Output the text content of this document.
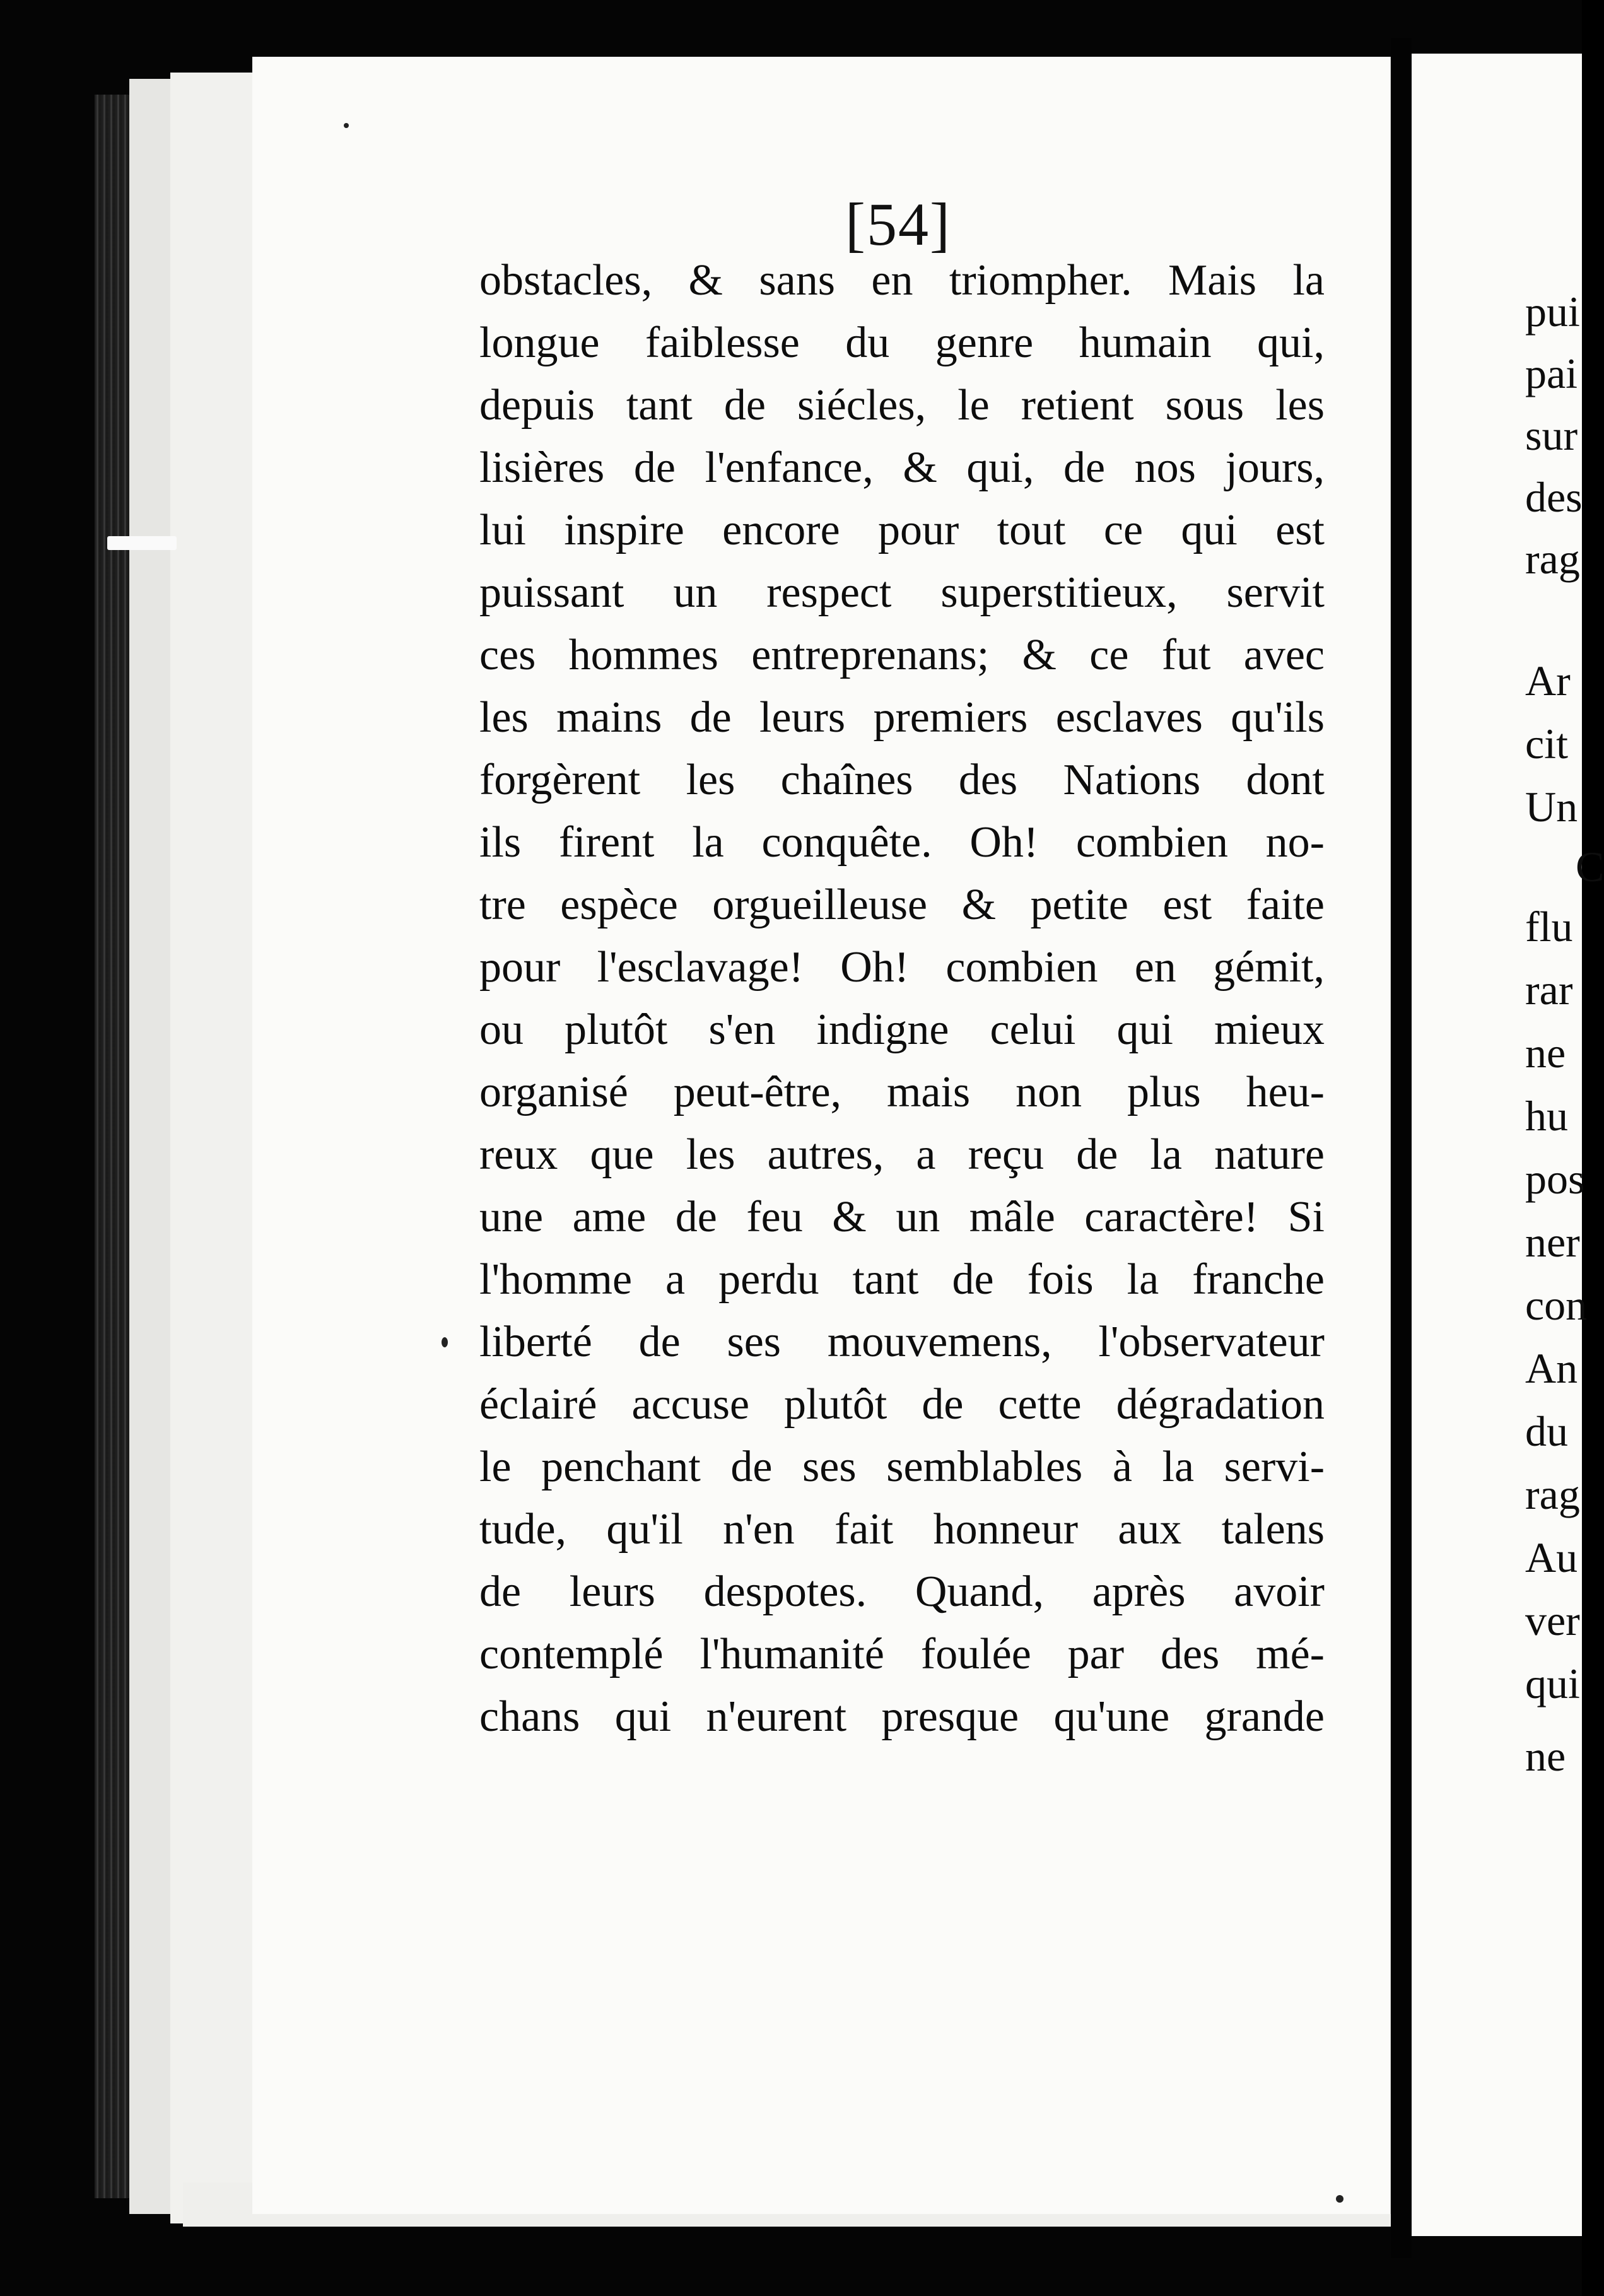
[54]
obstacles, & sans en triompher. Mais la
longue faiblesse du genre humain qui,
depuis tant de siécles, le retient sous les
lisières de l'enfance, & qui, de nos jours,
lui inspire encore pour tout ce qui est
puissant un respect superstitieux, servit
ces hommes entreprenans; & ce fut avec
les mains de leurs premiers esclaves qu'ils
forgèrent les chaînes des Nations dont
ils firent la conquête. Oh! combien no-
tre espèce orgueilleuse & petite est faite
pour l'esclavage! Oh! combien en gémit,
ou plutôt s'en indigne celui qui mieux
organisé peut-être, mais non plus heu-
reux que les autres, a reçu de la nature
une ame de feu & un mâle caractère! Si
l'homme a perdu tant de fois la franche
liberté de ses mouvemens, l'observateur
éclairé accuse plutôt de cette dégradation
le penchant de ses semblables à la servi-
tude, qu'il n'en fait honneur aux talens
de leurs despotes. Quand, après avoir
contemplé l'humanité foulée par des mé-
chans qui n'eurent presque qu'une grande
pui
pai
sur
des
rag
Ar
cit
Un
C
flu
rar
ne
hu
pos
ner
con
An
du
rag
Au
ver
qui
ne
